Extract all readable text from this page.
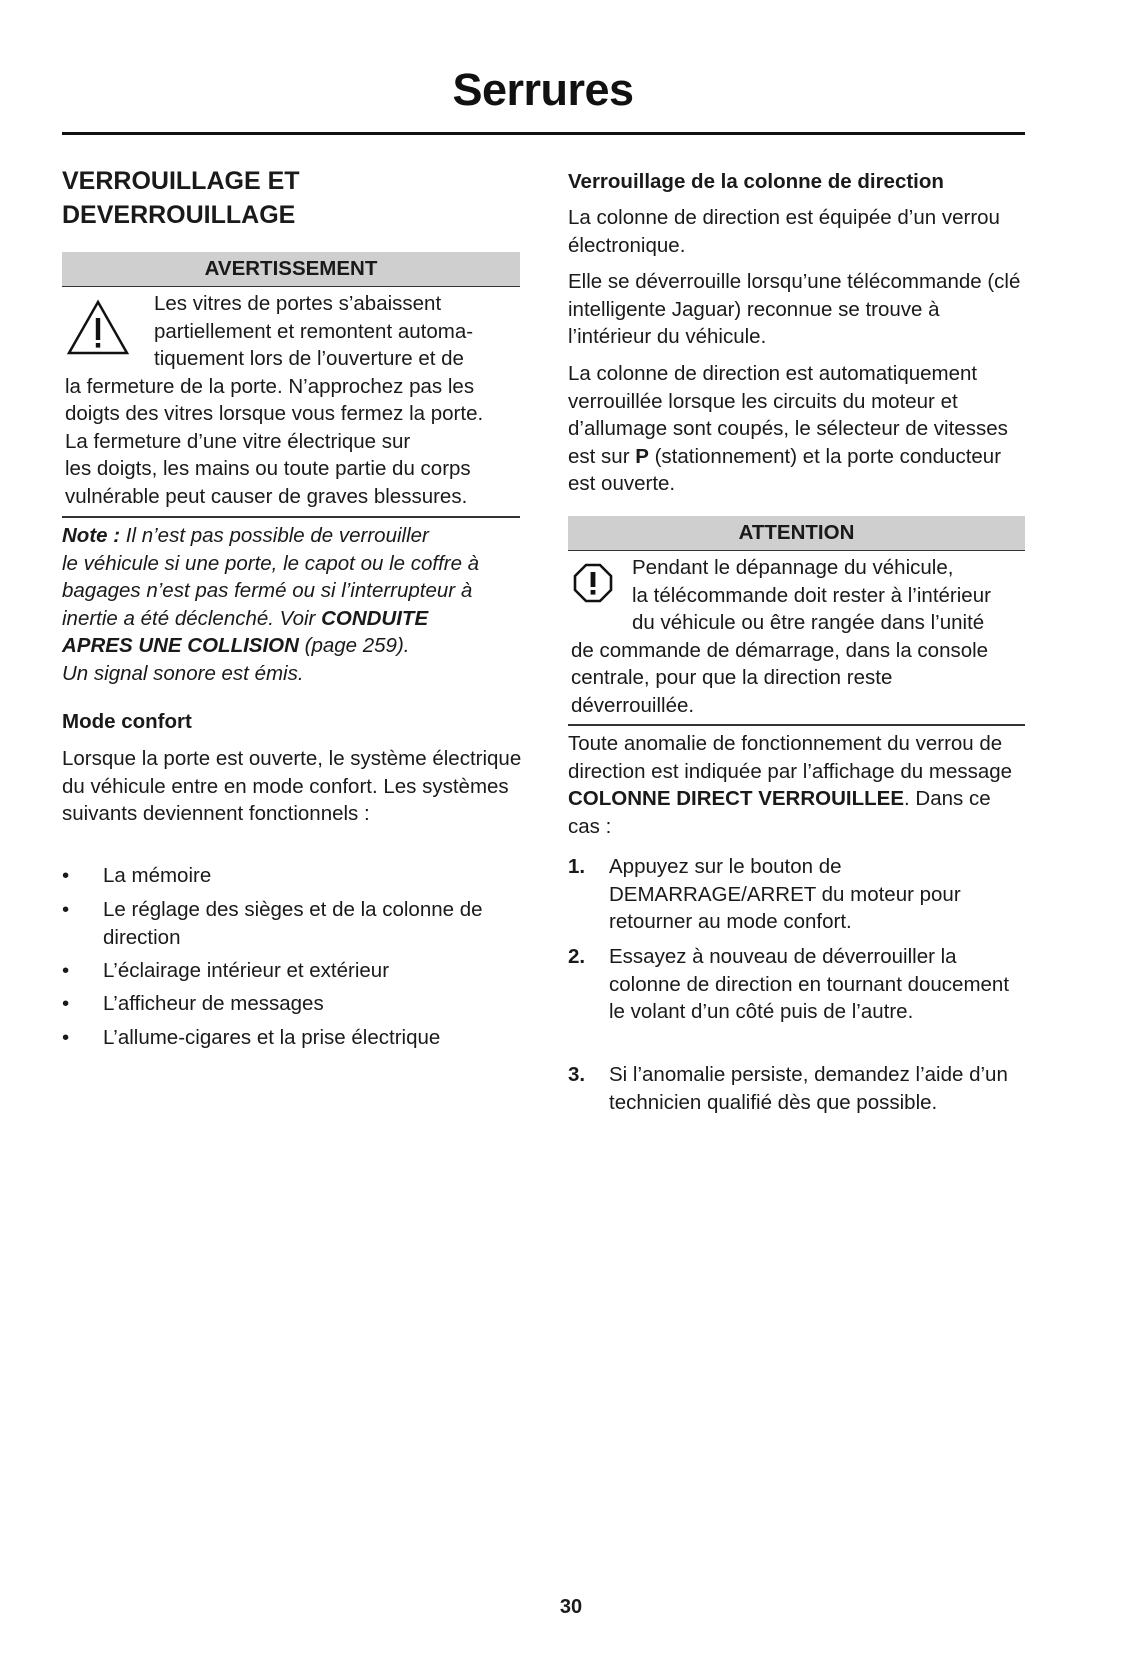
Serrures
VERROUILLAGE ET
DEVERROUILLAGE
AVERTISSEMENT
Les vitres de portes s’abaissent
partiellement et remontent automa-
tiquement lors de l’ouverture et de
la fermeture de la porte. N’approchez pas les
doigts des vitres lorsque vous fermez la porte.
La fermeture d’une vitre électrique sur
les doigts, les mains ou toute partie du corps
vulnérable peut causer de graves blessures.
Note : Il n’est pas possible de verrouiller
le véhicule si une porte, le capot ou le coffre à
bagages n’est pas fermé ou si l’interrupteur à
inertie a été déclenché. Voir CONDUITE
APRES UNE COLLISION (page 259).
Un signal sonore est émis.
Mode confort
Lorsque la porte est ouverte, le système électrique du véhicule entre en mode confort. Les systèmes suivants deviennent fonctionnels :
• La mémoire
• Le réglage des sièges et de la colonne de direction
• L’éclairage intérieur et extérieur
• L’afficheur de messages
• L’allume-cigares et la prise électrique
Verrouillage de la colonne de direction
La colonne de direction est équipée d’un verrou électronique.
Elle se déverrouille lorsqu’une télécommande (clé intelligente Jaguar) reconnue se trouve à l’intérieur du véhicule.
La colonne de direction est automatiquement verrouillée lorsque les circuits du moteur et d’allumage sont coupés, le sélecteur de vitesses est sur P (stationnement) et la porte conducteur est ouverte.
ATTENTION
Pendant le dépannage du véhicule,
la télécommande doit rester à l’intérieur
du véhicule ou être rangée dans l’unité
de commande de démarrage, dans la console
centrale, pour que la direction reste
déverrouillée.
Toute anomalie de fonctionnement du verrou de direction est indiquée par l’affichage du message COLONNE DIRECT VERROUILLEE. Dans ce cas :
1. Appuyez sur le bouton de DEMARRAGE/ARRET du moteur pour retourner au mode confort.
2. Essayez à nouveau de déverrouiller la colonne de direction en tournant doucement le volant d’un côté puis de l’autre.
3. Si l’anomalie persiste, demandez l’aide d’un technicien qualifié dès que possible.
30
